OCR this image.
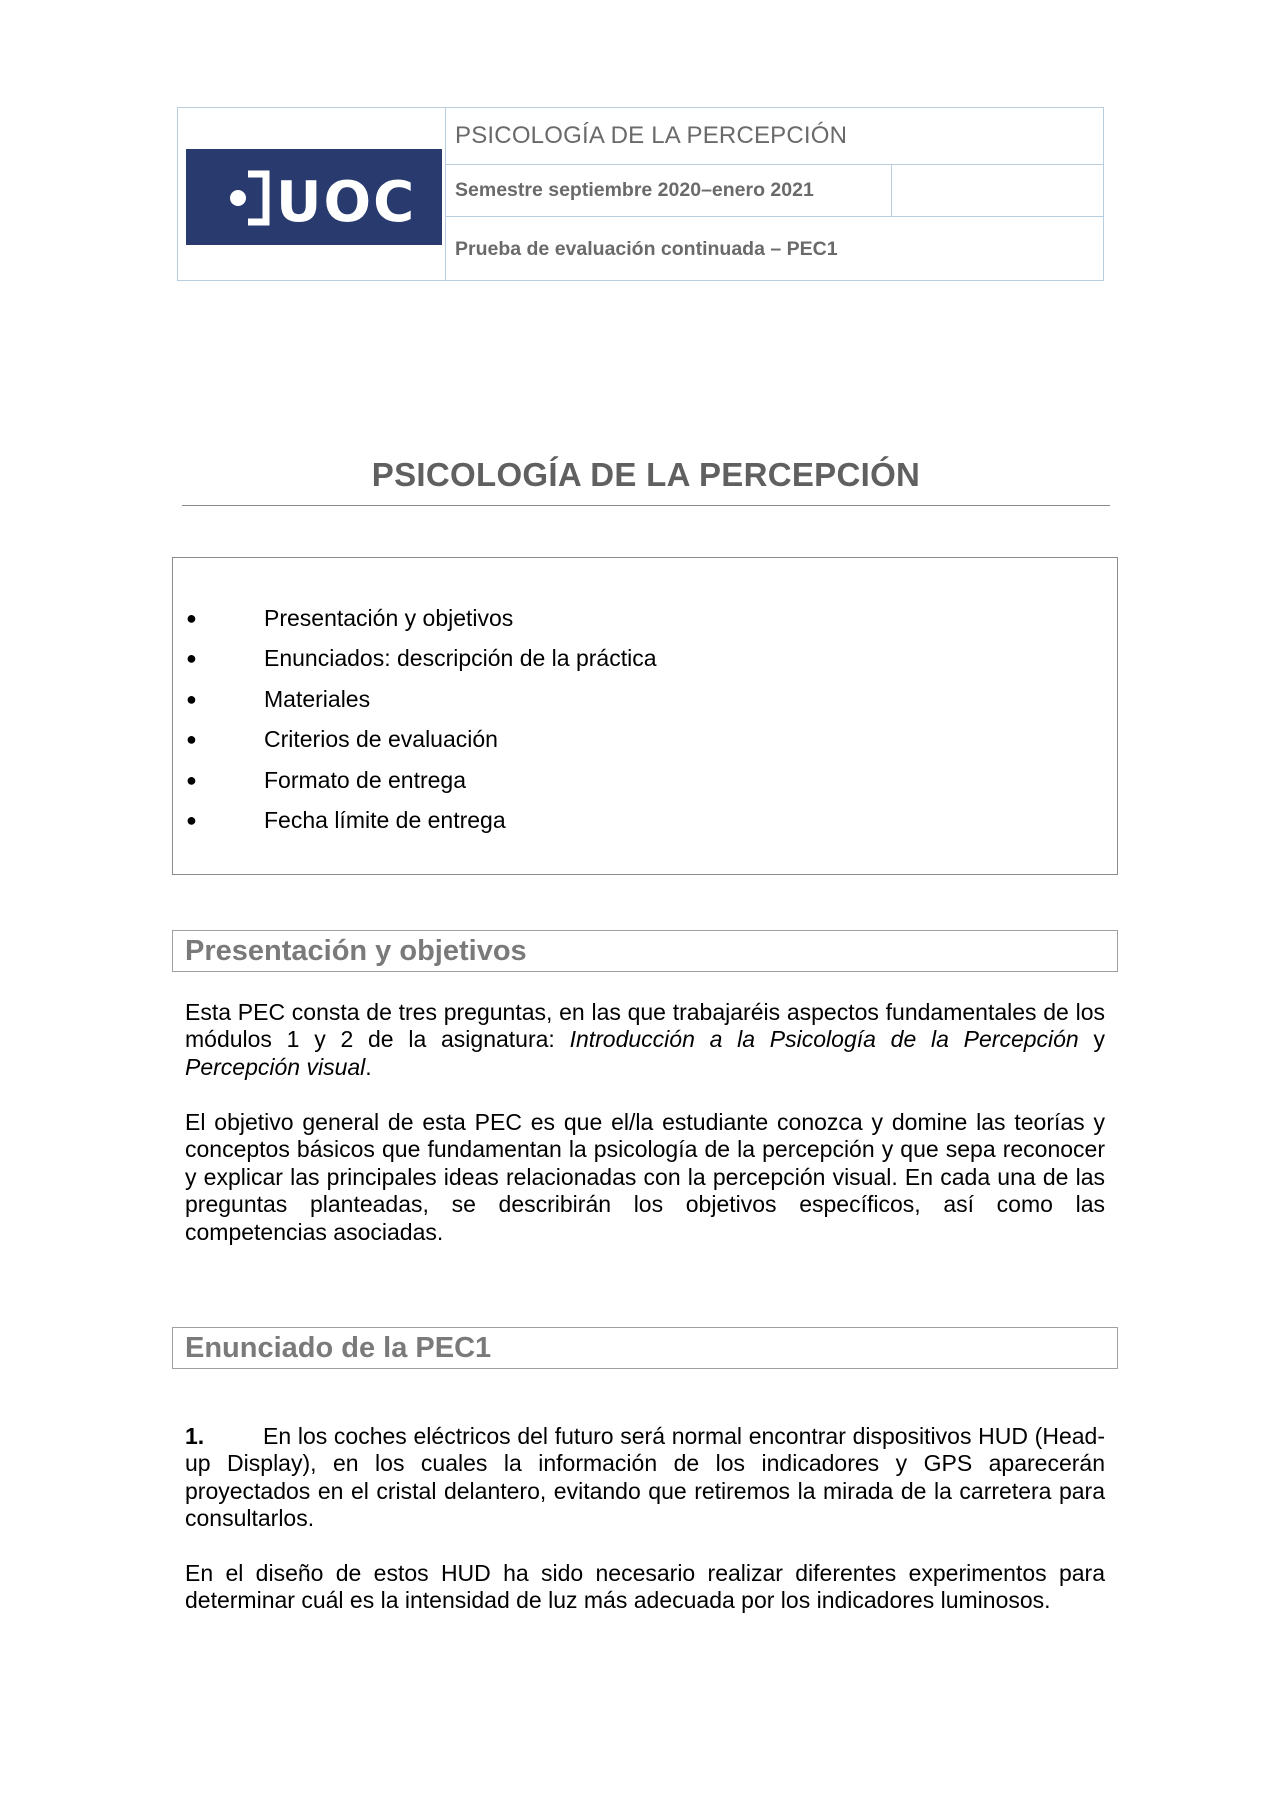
UOC
PSICOLOGÍA DE LA PERCEPCIÓN
Semestre septiembre 2020–enero 2021
Prueba de evaluación continuada – PEC1
PSICOLOGÍA DE LA PERCEPCIÓN
●	Presentación y objetivos
●	Enunciados: descripción de la práctica
●	Materiales
●	Criterios de evaluación
●	Formato de entrega
●	Fecha límite de entrega
Presentación y objetivos

Esta PEC consta de tres preguntas, en las que trabajaréis aspectos fundamentales de los módulos 1 y 2 de la asignatura: Introducción a la Psicología de la Percepción y Percepción visual.

El objetivo general de esta PEC es que el/la estudiante conozca y domine las teorías y conceptos básicos que fundamentan la psicología de la percepción y que sepa reconocer y explicar las principales ideas relacionadas con la percepción visual. En cada una de las preguntas planteadas, se describirán los objetivos específicos, así como las competencias asociadas.

Enunciado de la PEC1

1.	En los coches eléctricos del futuro será normal encontrar dispositivos HUD (Head-up Display), en los cuales la información de los indicadores y GPS aparecerán proyectados en el cristal delantero, evitando que retiremos la mirada de la carretera para consultarlos.

En el diseño de estos HUD ha sido necesario realizar diferentes experimentos para determinar cuál es la intensidad de luz más adecuada por los indicadores luminosos.
